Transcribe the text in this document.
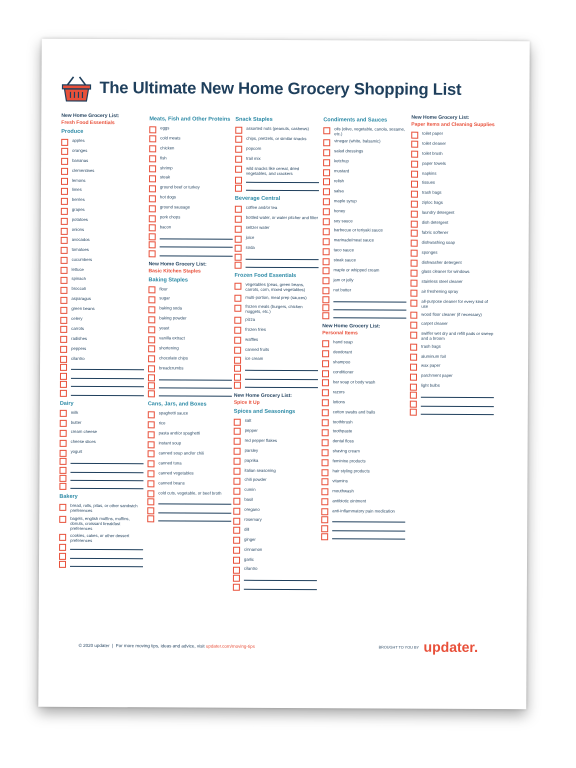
The Ultimate New Home Grocery Shopping List
New Home Grocery List:
Fresh Food Essentials
Produce
apples
oranges
bananas
clementines
lemons
limes
berries
grapes
potatoes
onions
avocados
tomatoes
cucumbers
lettuce
spinach
broccoli
asparagus
green beans
celery
carrots
radishes
peppers
cilantro
Dairy
milk
butter
cream cheese
cheese slices
yogurt
Bakery
bread, rolls, pitas, or other sandwich preferences
bagels, english muffins, muffins, donuts, croissant breakfast preferences
cookies, cakes, or other dessert preferences
Meats, Fish and Other Proteins
eggs
cold meats
chicken
fish
shrimp
steak
ground beef or turkey
hot dogs
ground sausage
pork chops
bacon
New Home Grocery List:
Basic Kitchen Staples
Baking Staples
flour
sugar
baking soda
baking powder
yeast
vanilla extract
shortening
chocolate chips
breadcrumbs
Cans, Jars, and Boxes
spaghetti sauce
rice
pasta and/or spaghetti
instant soup
canned soup and/or chili
canned tuna
canned vegetables
canned beans
cold cuts, vegetable, or beef broth
Snack Staples
assorted nuts (peanuts, cashews)
chips, pretzels, or similar snacks
popcorn
trail mix
wild snacks like cereal, dried vegetables, and crackers
Beverage Central
coffee and/or tea
bottled water, or water pitcher and filter
seltzer water
juice
soda
Frozen Food Essentials
vegetables (peas, green beans, carrots, corn, mixed vegetables)
multi-portion, meal prep (sauces)
frozen meals (burgers, chicken nuggets, etc.)
pizza
frozen fries
waffles
canned fruits
ice cream
New Home Grocery List:
Spice It Up
Spices and Seasonings
salt
pepper
red pepper flakes
parsley
paprika
italian seasoning
chili powder
cumin
basil
oregano
rosemary
dill
ginger
cinnamon
garlic
cilantro
Condiments and Sauces
oils (olive, vegetable, canola, sesame, etc.)
vinegar (white, balsamic)
salad dressings
ketchup
mustard
relish
salsa
maple syrup
honey
soy sauce
barbecue or teriyaki sauce
marinade/meat sauce
taco sauce
steak sauce
maple or whipped cream
jam or jelly
nut butter
New Home Grocery List:
Personal Items
hand soap
deodorant
shampoo
conditioner
bar soap or body wash
razors
lotions
cotton swabs and balls
toothbrush
toothpaste
dental floss
shaving cream
feminine products
hair styling products
vitamins
mouthwash
antibiotic ointment
anti-inflammatory pain medication
New Home Grocery List:
Paper Items and Cleaning Supplies
toilet paper
toilet cleaner
toilet brush
paper towels
napkins
tissues
trash bags
ziploc bags
laundry detergent
dish detergent
fabric softener
dishwashing soap
sponges
dishwasher detergent
glass cleaner for windows
stainless steel cleaner
air freshening spray
all-purpose cleaner for every kind of use
wood floor cleaner (if necessary)
carpet cleaner
swiffer wet dry and refill pads or sweep and a broom
trash bags
aluminum foil
wax paper
parchment paper
light bulbs
© 2020 updater  |  For more moving tips, ideas and advice, visit updater.com/moving-tips	BROUGHT TO YOU BY updater.
